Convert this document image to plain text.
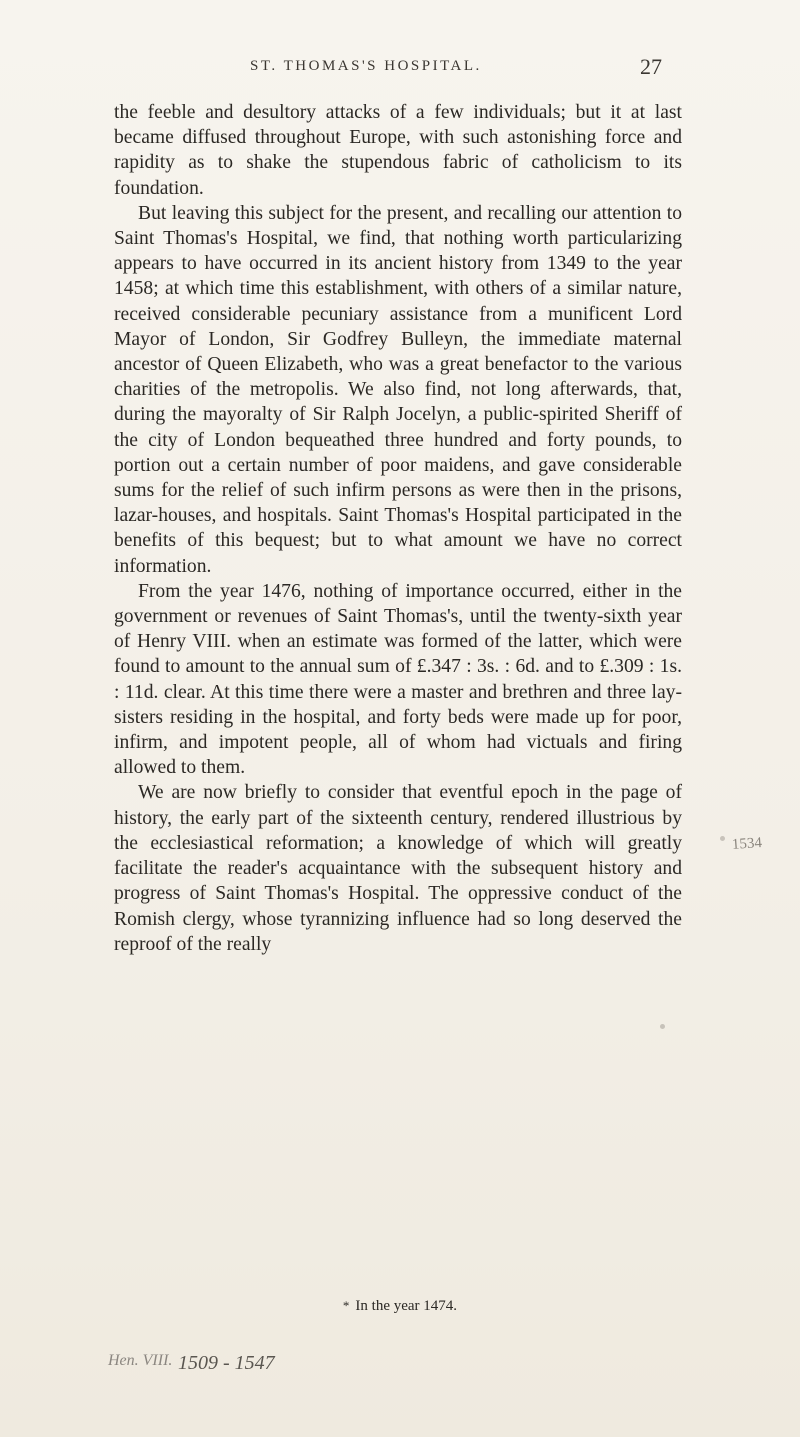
ST. THOMAS'S HOSPITAL.	27

the feeble and desultory attacks of a few individuals; but it at last became diffused throughout Europe, with such astonishing force and rapidity as to shake the stupendous fabric of catholicism to its foundation.

But leaving this subject for the present, and recalling our attention to Saint Thomas's Hospital, we find, that nothing worth particularizing appears to have occurred in its ancient history from 1349 to the year 1458; at which time this establishment, with others of a similar nature, received considerable pecuniary assistance from a munificent Lord Mayor of London, Sir Godfrey Bulleyn, the immediate maternal ancestor of Queen Elizabeth, who was a great benefactor to the various charities of the metropolis. We also find, not long afterwards, that, during the mayoralty of Sir Ralph Jocelyn, a public-spirited Sheriff of the city of London bequeathed three hundred and forty pounds, to portion out a certain number of poor maidens, and gave considerable sums for the relief of such infirm persons as were then in the prisons, lazar-houses, and hospitals. Saint Thomas's Hospital participated in the benefits of this bequest; but to what amount we have no correct information.

From the year 1476, nothing of importance occurred, either in the government or revenues of Saint Thomas's, until the twenty-sixth year of Henry VIII. when an estimate was formed of the latter, which were found to amount to the annual sum of £.347 : 3s. : 6d. and to £.309 : 1s. : 11d. clear. At this time there were a master and brethren and three lay-sisters residing in the hospital, and forty beds were made up for poor, infirm, and impotent people, all of whom had victuals and firing allowed to them.

We are now briefly to consider that eventful epoch in the page of history, the early part of the sixteenth century, rendered illustrious by the ecclesiastical reformation; a knowledge of which will greatly facilitate the reader's acquaintance with the subsequent history and progress of Saint Thomas's Hospital. The oppressive conduct of the Romish clergy, whose tyrannizing influence had so long deserved the reproof of the really

* In the year 1474.
1534
Hen. VIII. 1509 - 1547
